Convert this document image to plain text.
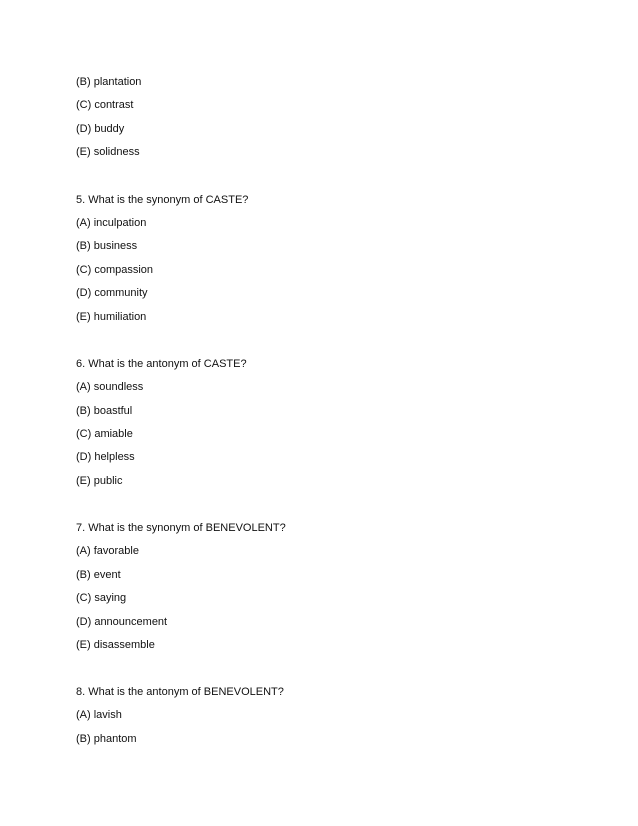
(B) plantation
(C) contrast
(D) buddy
(E) solidness
5. What is the synonym of CASTE?
(A) inculpation
(B) business
(C) compassion
(D) community
(E) humiliation
6. What is the antonym of CASTE?
(A) soundless
(B) boastful
(C) amiable
(D) helpless
(E) public
7. What is the synonym of BENEVOLENT?
(A) favorable
(B) event
(C) saying
(D) announcement
(E) disassemble
8. What is the antonym of BENEVOLENT?
(A) lavish
(B) phantom
